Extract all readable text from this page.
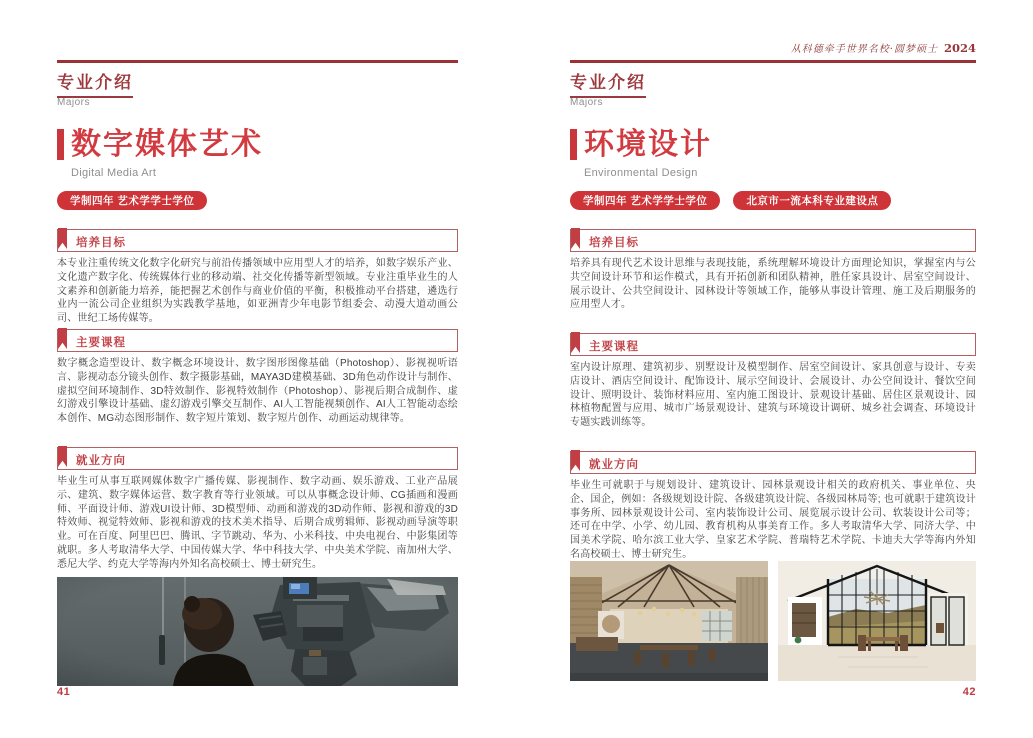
专业介绍
Majors
数字媒体艺术
Digital Media Art
学制四年 艺术学学士学位
培养目标
本专业注重传统文化数字化研究与前沿传播领域中应用型人才的培养，如数字娱乐产业、文化遗产数字化、传统媒体行业的移动端、社交化传播等新型领域。专业注重毕业生的人文素养和创新能力培养，能把握艺术创作与商业价值的平衡，积极推动平台搭建，遴选行业内一流公司企业组织为实践教学基地，如亚洲青少年电影节组委会、动漫大道动画公司、世纪工场传媒等。
主要课程
数字概念造型设计、数字概念环境设计、数字图形图像基础（Photoshop）、影视视听语言、影视动态分镜头创作、数字摄影基础，MAYA3D建模基础、3D角色动作设计与制作、虚拟空间环境制作、3D特效制作、影视特效制作（Photoshop）、影视后期合成制作、虚幻游戏引擎设计基础、虚幻游戏引擎交互制作、AI人工智能视频创作、AI人工智能动态绘本创作、MG动态图形制作、数字短片策划、数字短片创作、动画运动规律等。
就业方向
毕业生可从事互联网媒体数字广播传媒、影视制作、数字动画、娱乐游戏、工业产品展示、建筑、数字媒体运营、数字教育等行业领域。可以从事概念设计师、CG插画和漫画师、平面设计师、游戏UI设计师、3D模型师、动画和游戏的3D动作师、影视和游戏的3D特效师、视觉特效师、影视和游戏的技术美术指导、后期合成剪辑师、影视动画导演等职业。可在百度、阿里巴巴、腾讯、字节跳动、华为、小米科技、中央电视台、中影集团等就职。多人考取清华大学、中国传媒大学、华中科技大学、中央美术学院、南加州大学、悉尼大学、约克大学等海内外知名高校硕士、博士研究生。
41
从科德牵手世界名校·圆梦硕士 2024
专业介绍
Majors
环境设计
Environmental Design
学制四年 艺术学学士学位	北京市一流本科专业建设点
培养目标
培养具有现代艺术设计思维与表现技能，系统理解环境设计方面理论知识，掌握室内与公共空间设计环节和运作模式，具有开拓创新和团队精神，胜任家具设计、居室空间设计、展示设计、公共空间设计、园林设计等领域工作，能够从事设计管理、施工及后期服务的应用型人才。
主要课程
室内设计原理、建筑初步、别墅设计及模型制作、居室空间设计、家具创意与设计、专卖店设计、酒店空间设计、配饰设计、展示空间设计、会展设计、办公空间设计、餐饮空间设计、照明设计、装饰材料应用、室内施工图设计、景观设计基础、居住区景观设计、园林植物配置与应用、城市广场景观设计、建筑与环境设计调研、城乡社会调查、环境设计专题实践训练等。
就业方向
毕业生可就职于与规划设计、建筑设计、园林景观设计相关的政府机关、事业单位、央企、国企，例如：各级规划设计院、各级建筑设计院、各级园林局等; 也可就职于建筑设计事务所、园林景观设计公司、室内装饰设计公司、展览展示设计公司、软装设计公司等；还可在中学、小学、幼儿园、教育机构从事美育工作。多人考取清华大学、同济大学、中国美术学院、哈尔滨工业大学、皇家艺术学院、普瑞特艺术学院、卡迪夫大学等海内外知名高校硕士、博士研究生。
42
